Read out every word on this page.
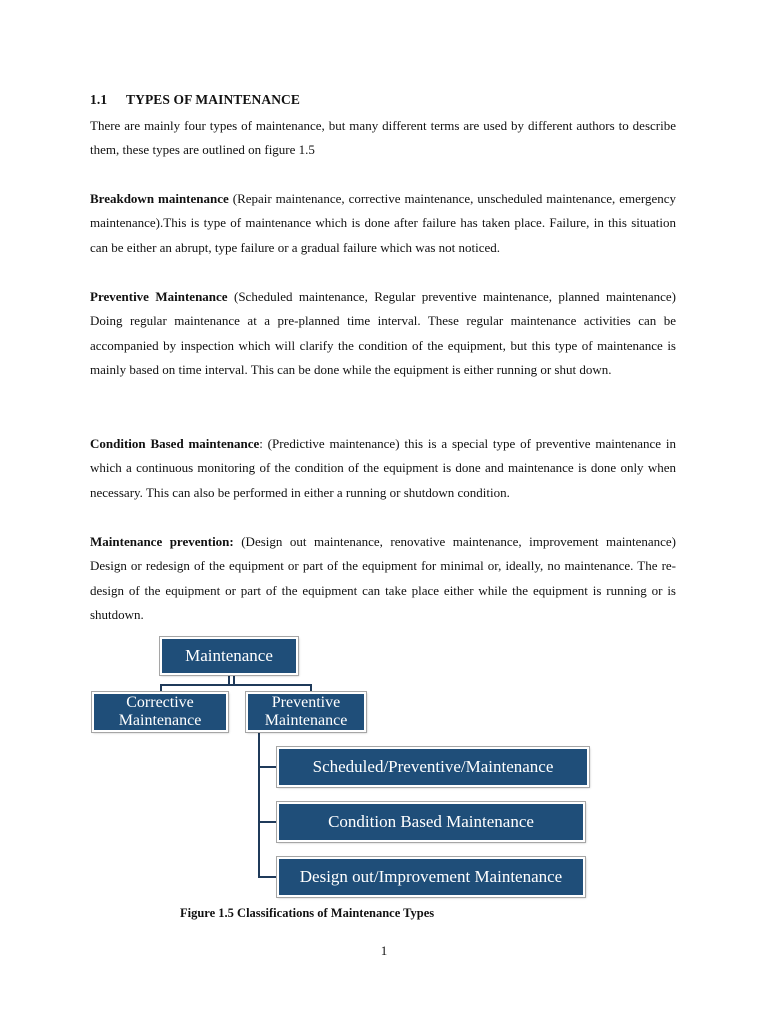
1.1 TYPES OF MAINTENANCE

There are mainly four types of maintenance, but many different terms are used by different authors to describe them, these types are outlined on figure 1.5

Breakdown maintenance (Repair maintenance, corrective maintenance, unscheduled maintenance, emergency maintenance).This is type of maintenance which is done after failure has taken place. Failure, in this situation can be either an abrupt, type failure or a gradual failure which was not noticed.

Preventive Maintenance (Scheduled maintenance, Regular preventive maintenance, planned maintenance) Doing regular maintenance at a pre-planned time interval. These regular maintenance activities can be accompanied by inspection which will clarify the condition of the equipment, but this type of maintenance is mainly based on time interval. This can be done while the equipment is either running or shut down.

Condition Based maintenance: (Predictive maintenance) this is a special type of preventive maintenance in which a continuous monitoring of the condition of the equipment is done and maintenance is done only when necessary. This can also be performed in either a running or shutdown condition.

Maintenance prevention: (Design out maintenance, renovative maintenance, improvement maintenance) Design or redesign of the equipment or part of the equipment for minimal or, ideally, no maintenance. The re-design of the equipment or part of the equipment can take place either while the equipment is running or is shutdown.

Maintenance
Corrective Maintenance
Preventive Maintenance
Scheduled/Preventive/Maintenance
Condition Based Maintenance
Design out/Improvement Maintenance
Figure 1.5 Classifications of Maintenance Types
1
